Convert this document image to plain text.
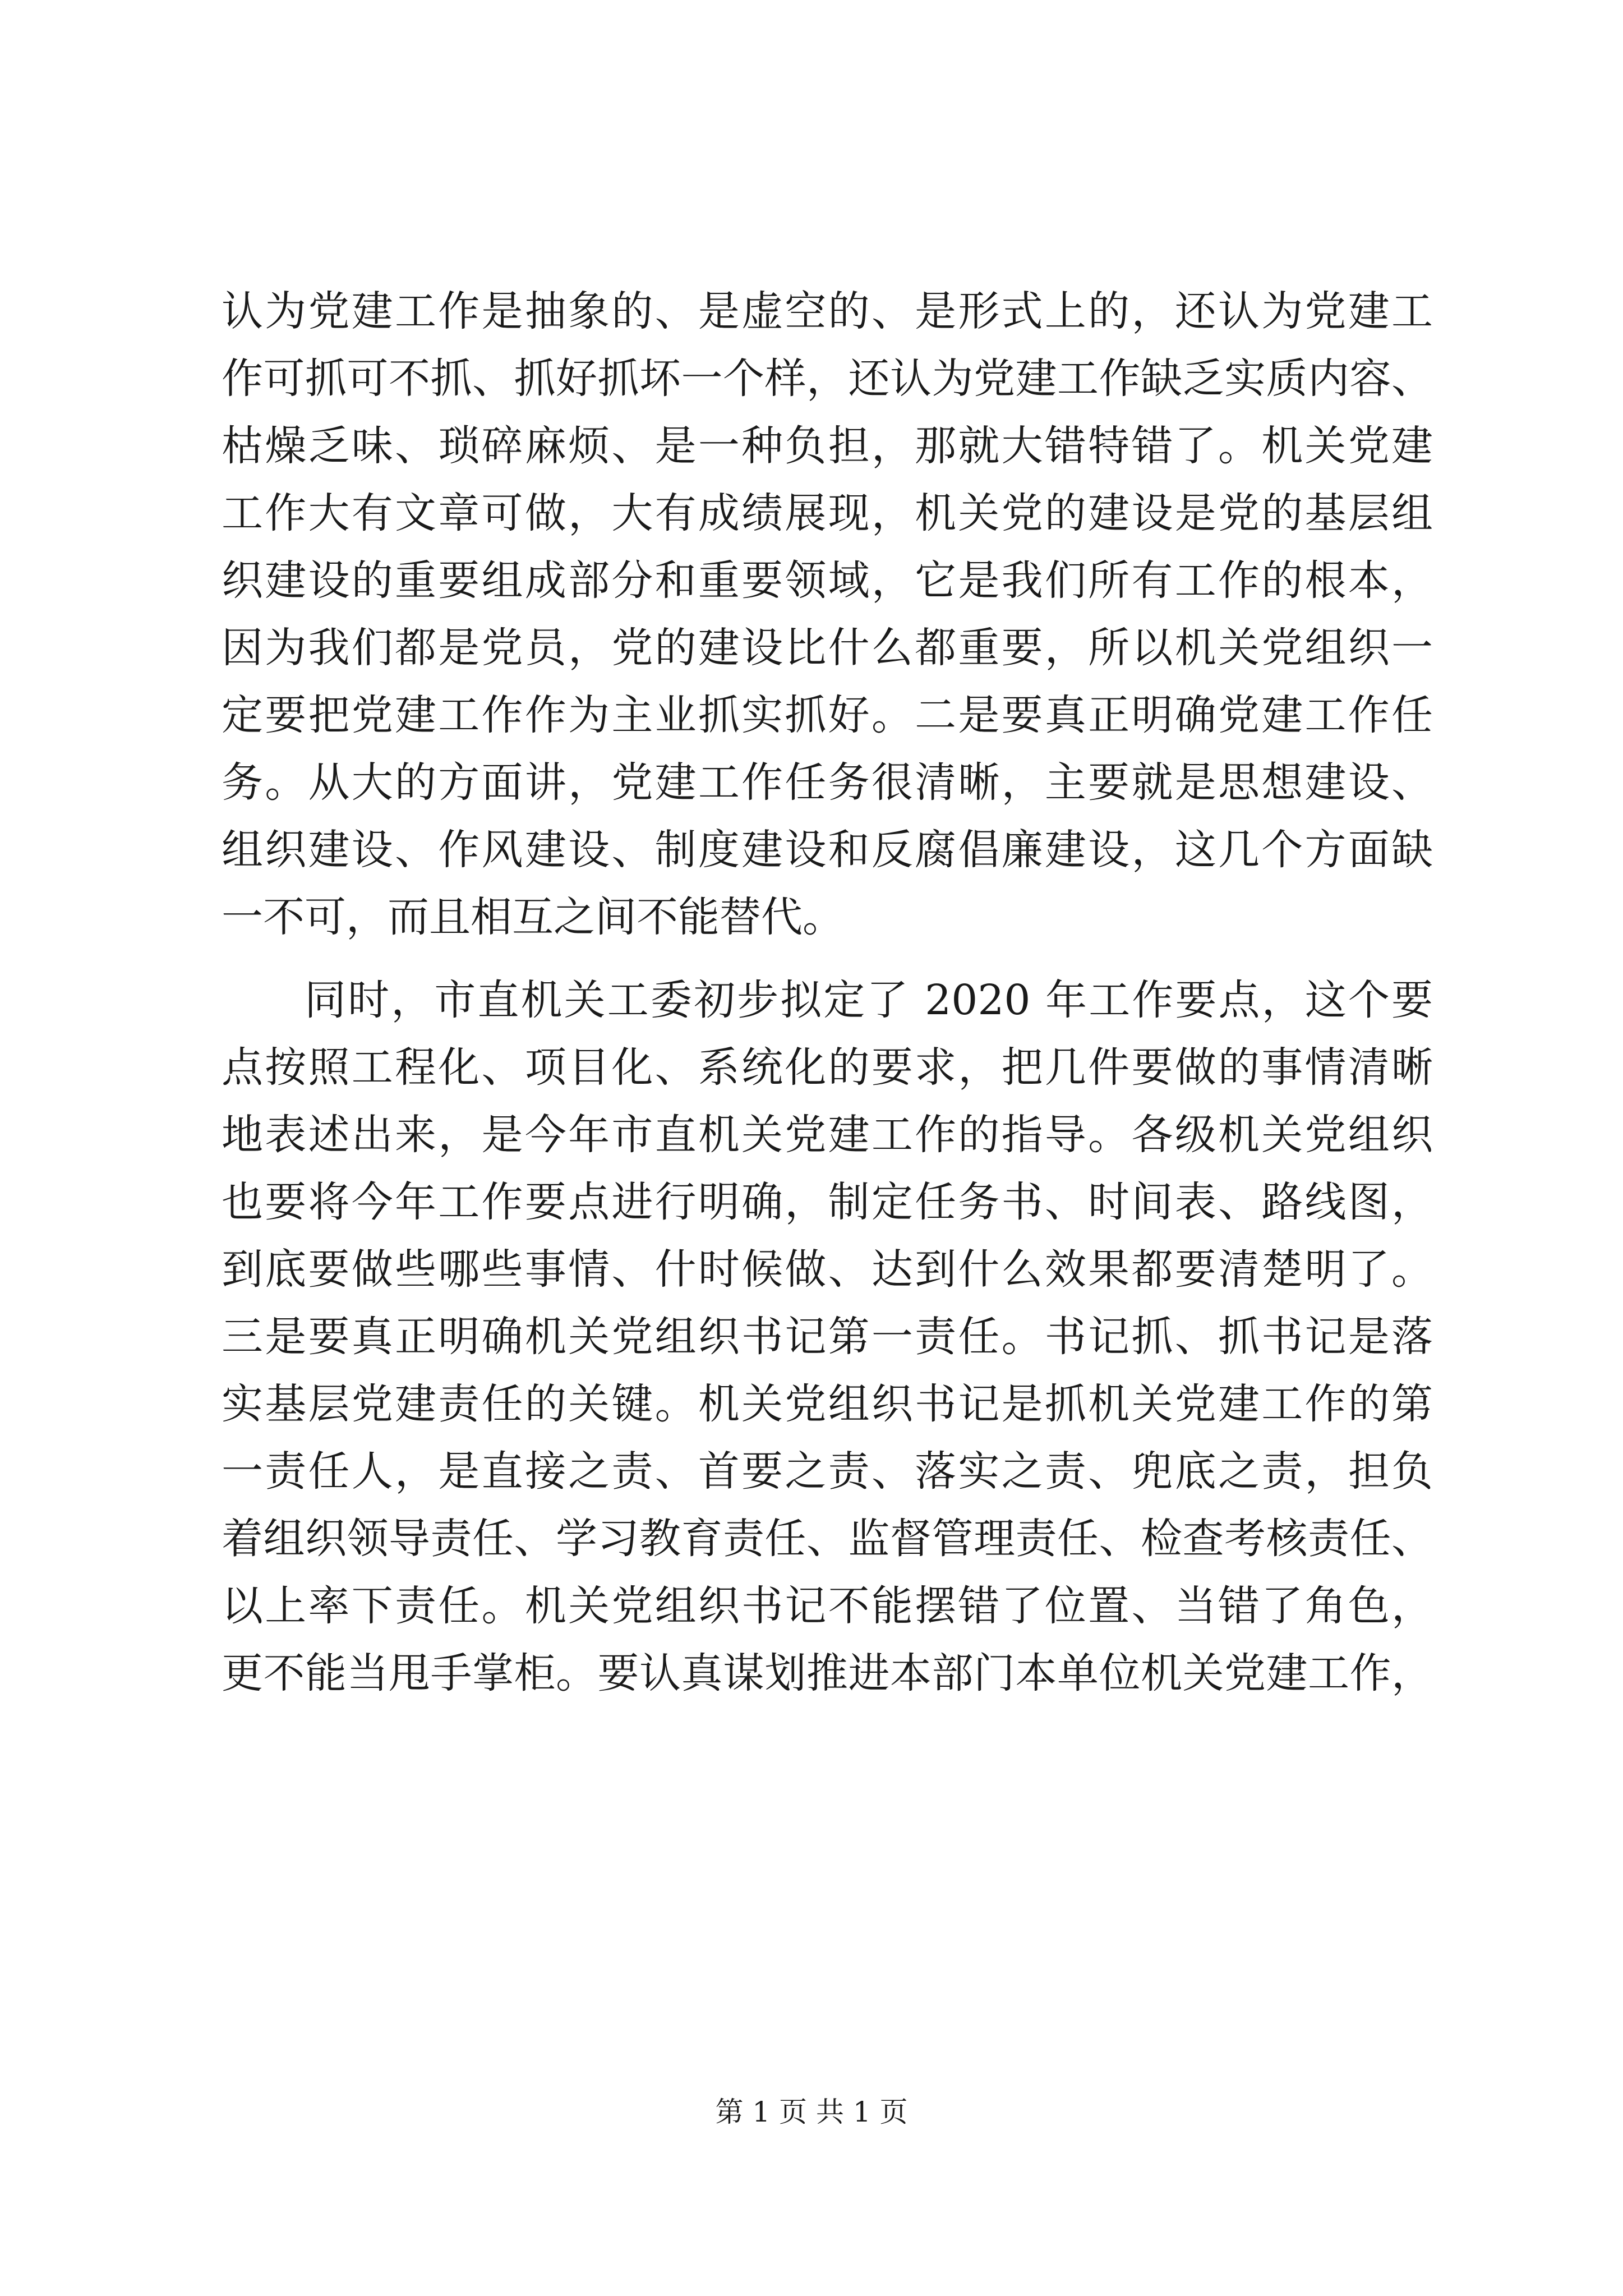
认为党建工作是抽象的、是虚空的、是形式上的，还认为党建工
作可抓可不抓、抓好抓坏一个样，还认为党建工作缺乏实质内容、
枯燥乏味、琐碎麻烦、是一种负担，那就大错特错了。机关党建
工作大有文章可做，大有成绩展现，机关党的建设是党的基层组
织建设的重要组成部分和重要领域，它是我们所有工作的根本，
因为我们都是党员，党的建设比什么都重要，所以机关党组织一
定要把党建工作作为主业抓实抓好。二是要真正明确党建工作任
务。从大的方面讲，党建工作任务很清晰，主要就是思想建设、
组织建设、作风建设、制度建设和反腐倡廉建设，这几个方面缺
一不可，而且相互之间不能替代。
同时，市直机关工委初步拟定了 2020 年工作要点，这个要
点按照工程化、项目化、系统化的要求，把几件要做的事情清晰
地表述出来，是今年市直机关党建工作的指导。各级机关党组织
也要将今年工作要点进行明确，制定任务书、时间表、路线图，
到底要做些哪些事情、什时候做、达到什么效果都要清楚明了。
三是要真正明确机关党组织书记第一责任。书记抓、抓书记是落
实基层党建责任的关键。机关党组织书记是抓机关党建工作的第
一责任人，是直接之责、首要之责、落实之责、兜底之责，担负
着组织领导责任、学习教育责任、监督管理责任、检查考核责任、
以上率下责任。机关党组织书记不能摆错了位置、当错了角色，
更不能当甩手掌柜。要认真谋划推进本部门本单位机关党建工作，
第 1 页 共 1 页
